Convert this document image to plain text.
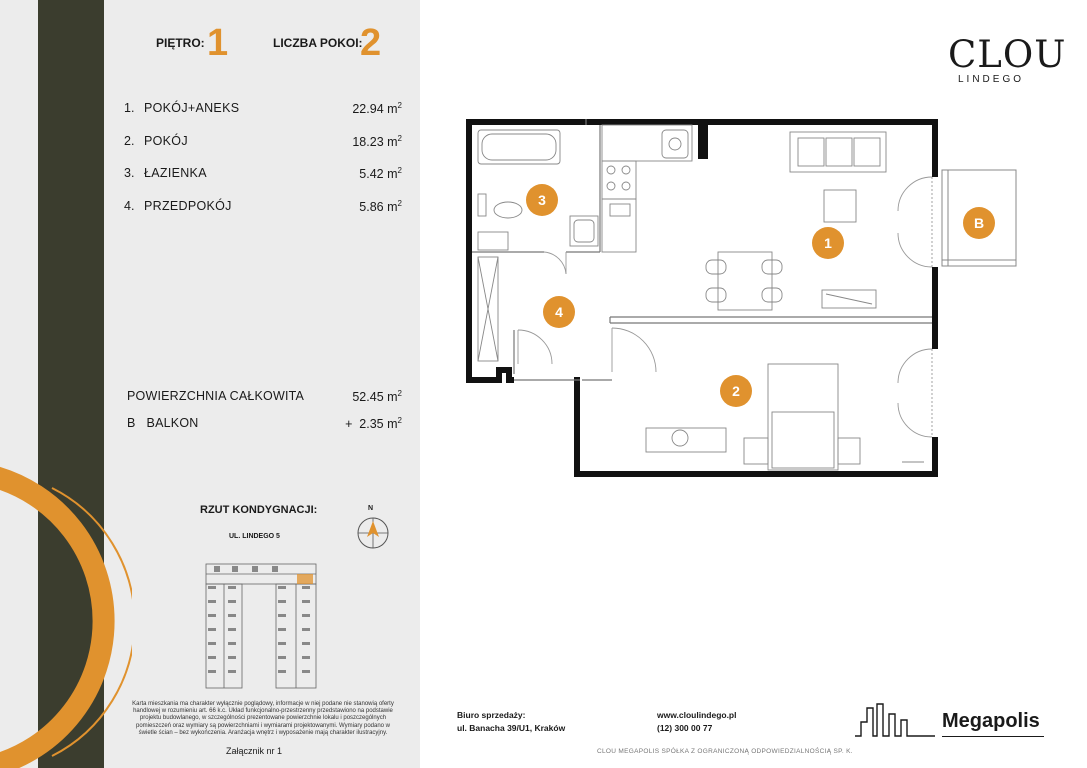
PIĘTRO: 1	LICZBA POKOI:
2
1. POKÓJ+ANEKS	22.94 $m^2$
2. POKÓJ	18.23 $m^2$
3. ŁAZIENKA	5.42 $m^2$
4. PRZEDPOKÓJ	5.86 $m^2$
POWIERZCHNIA CAŁKOWITA	52.45 $m^2$
B   BALKON	+  2.35 $m^2$
RZUT KONDYGNACJI:
UL. LINDEGO 5
N
Karta mieszkania ma charakter wyłącznie poglądowy, informacje w niej podane nie stanowią oferty handlowej w rozumieniu art. 66 k.c. Układ funkcjonalno-przestrzenny przedstawiono na podstawie projektu budowlanego, w szczególności prezentowane powierzchnie lokalu i poszczególnych pomieszczeń oraz wymiary są powierzchniami i wymiarami projektowanymi. Wymiary podano w świetle ścian – bez wykończenia. Aranżacja wnętrz i wyposażenie mają charakter ilustracyjny.
Załącznik nr 1
CLOU
LINDEGO
1
2
3
4
B
Biuro sprzedaży:
ul. Banacha 39/U1, Kraków
www.cloulindego.pl
(12) 300 00 77
CLOU MEGAPOLIS SPÓŁKA Z OGRANICZONĄ ODPOWIEDZIALNOŚCIĄ SP. K.
Megapolis
